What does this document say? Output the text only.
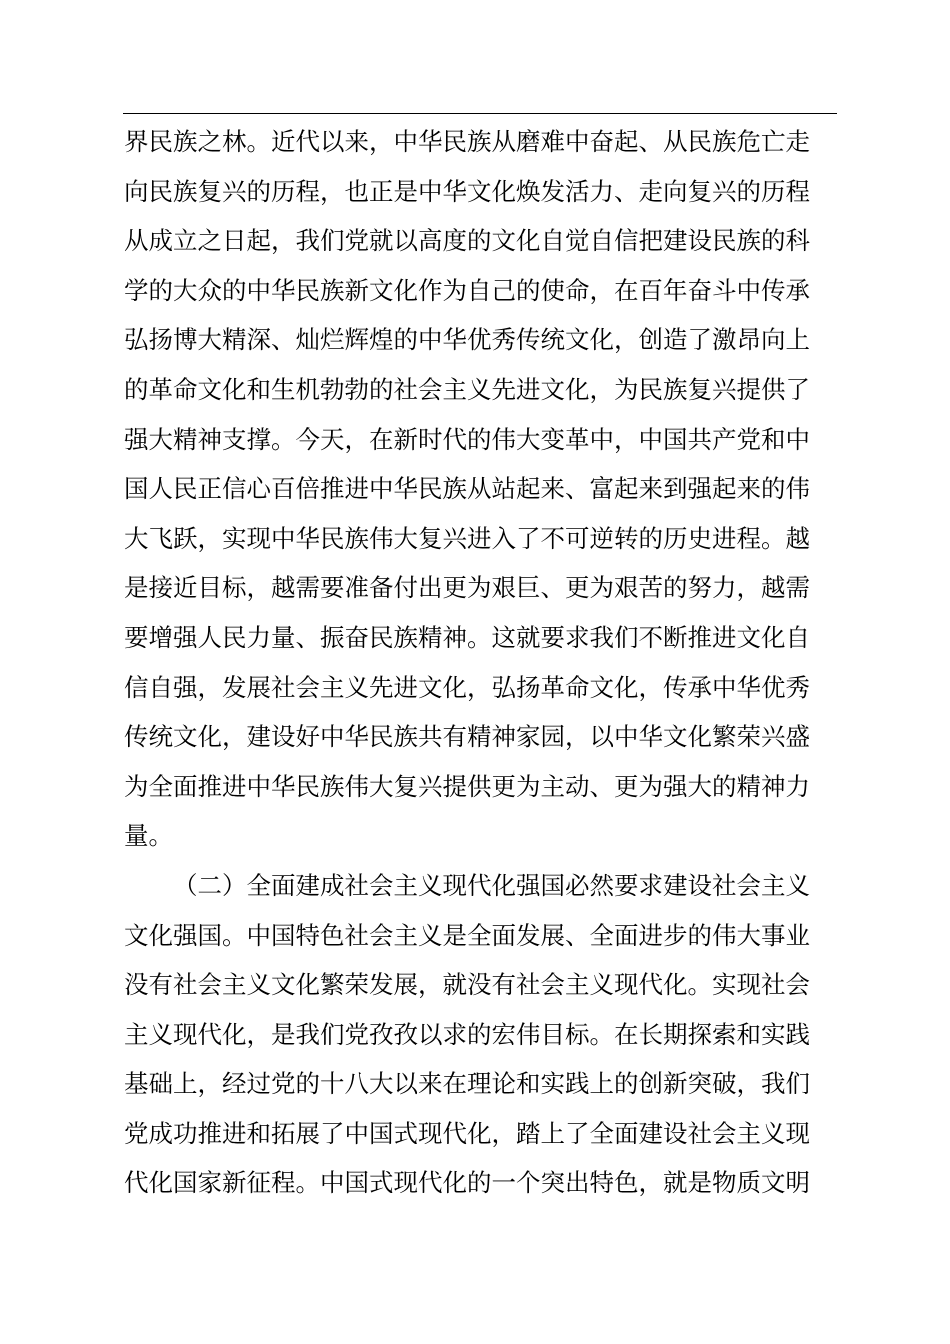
界民族之林。近代以来，中华民族从磨难中奋起、从民族危亡走
向民族复兴的历程，也正是中华文化焕发活力、走向复兴的历程
从成立之日起，我们党就以高度的文化自觉自信把建设民族的科
学的大众的中华民族新文化作为自己的使命，在百年奋斗中传承
弘扬博大精深、灿烂辉煌的中华优秀传统文化，创造了激昂向上
的革命文化和生机勃勃的社会主义先进文化，为民族复兴提供了
强大精神支撑。今天，在新时代的伟大变革中，中国共产党和中
国人民正信心百倍推进中华民族从站起来、富起来到强起来的伟
大飞跃，实现中华民族伟大复兴进入了不可逆转的历史进程。越
是接近目标，越需要准备付出更为艰巨、更为艰苦的努力，越需
要增强人民力量、振奋民族精神。这就要求我们不断推进文化自
信自强，发展社会主义先进文化，弘扬革命文化，传承中华优秀
传统文化，建设好中华民族共有精神家园，以中华文化繁荣兴盛
为全面推进中华民族伟大复兴提供更为主动、更为强大的精神力
量。
（二）全面建成社会主义现代化强国必然要求建设社会主义
文化强国。中国特色社会主义是全面发展、全面进步的伟大事业
没有社会主义文化繁荣发展，就没有社会主义现代化。实现社会
主义现代化，是我们党孜孜以求的宏伟目标。在长期探索和实践
基础上，经过党的十八大以来在理论和实践上的创新突破，我们
党成功推进和拓展了中国式现代化，踏上了全面建设社会主义现
代化国家新征程。中国式现代化的一个突出特色，就是物质文明
